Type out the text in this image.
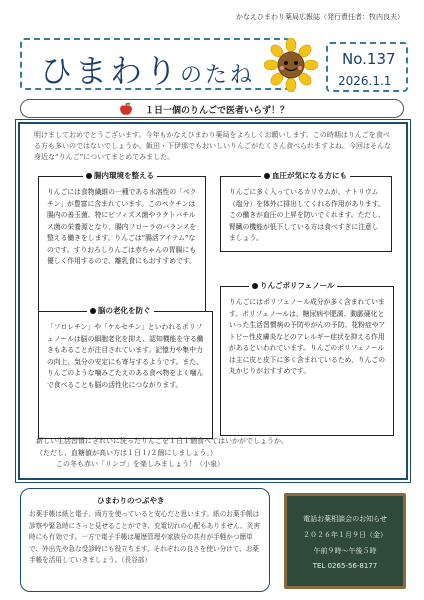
かなえひまわり薬局広報誌（発行責任者：牧内良夫）
ひまわりのたね
No.137
2026.1.1
１日一個のりんごで医者いらず！？
明けましておめでとうございます。今年もかなえひまわり薬局をよろしくお願いします。この時期はりんごを食べる方も多いのではないでしょうか。飯田・下伊那でもおいしいりんごがたくさん食べられますよね。今回はそんな身近な“りんご”についてまとめてみました。
腸内環境を整える
りんごには食物繊維の一種である水溶性の「ペクチン」が豊富に含まれています。このペクチンは腸内の善玉菌、特にビフィズス菌やラクトバチルス菌の栄養源となり、腸内フローラのバランスを整える働きをします。りんごは“腸活アイテム”なのです。すりおろしりんごは赤ちゃんの胃腸にも優しく作用するので、離乳食にもおすすめです。
血圧が気になる方にも
りんごに多く入っているカリウムが、ナトリウム（塩分）を体外に排出してくれる作用があります。この働きが血圧の上昇を防いでくれます。ただし、腎臓の機能が低下している方は食べすぎに注意しましょう。
脳の老化を防ぐ
「フロレチン」や「ケルセチン」といわれるポリフェノールは脳の細胞老化を抑え、認知機能を守る働きもあることが注目されています。記憶力や集中力の向上、気分の安定にも寄与するようです。また、りんごのような噛みごたえのある食べ物をよく噛んで食べることも脳の活性化につながります。
りんごポリフェノール
りんごにはポリフェノール成分が多く含まれています。ポリフェノールは、糖尿病や肥満、動脈硬化といった生活習慣病の予防やがんの予防、花粉症やアトピー性皮膚炎などのアレルギー症状を抑える作用があるといわれています。りんごのポリフェノールは主に皮と皮下に多く含まれているため、りんごの丸かじりがおすすめです。
新しい生活習慣にきれいに洗ったりんごを１日１個食べてはいかがでしょうか。
（ただし、血糖値が高い方は１日１/２個にしましょう。）
この冬も赤い「リンゴ」を楽しみましょう！（小泉）
ひまわりのつぶやき
お薬手帳は紙と電子、両方を使っていると安心だと思います。紙のお薬手帳は診察や緊急時にさっと見せることができ、充電切れの心配もありません。災害時にも有効です。一方で電子手帳は履歴管理や家族分の共有が手軽かつ簡単で、外出先や急な受診時にも役立ちます。それぞれの良さを使い分けて、お薬手帳を活用していきましょう。（長谷部）
電話お薬相談会のお知らせ
２０２６年１月９日（金）
午前９時～午後５時
TEL 0265-56-8177
